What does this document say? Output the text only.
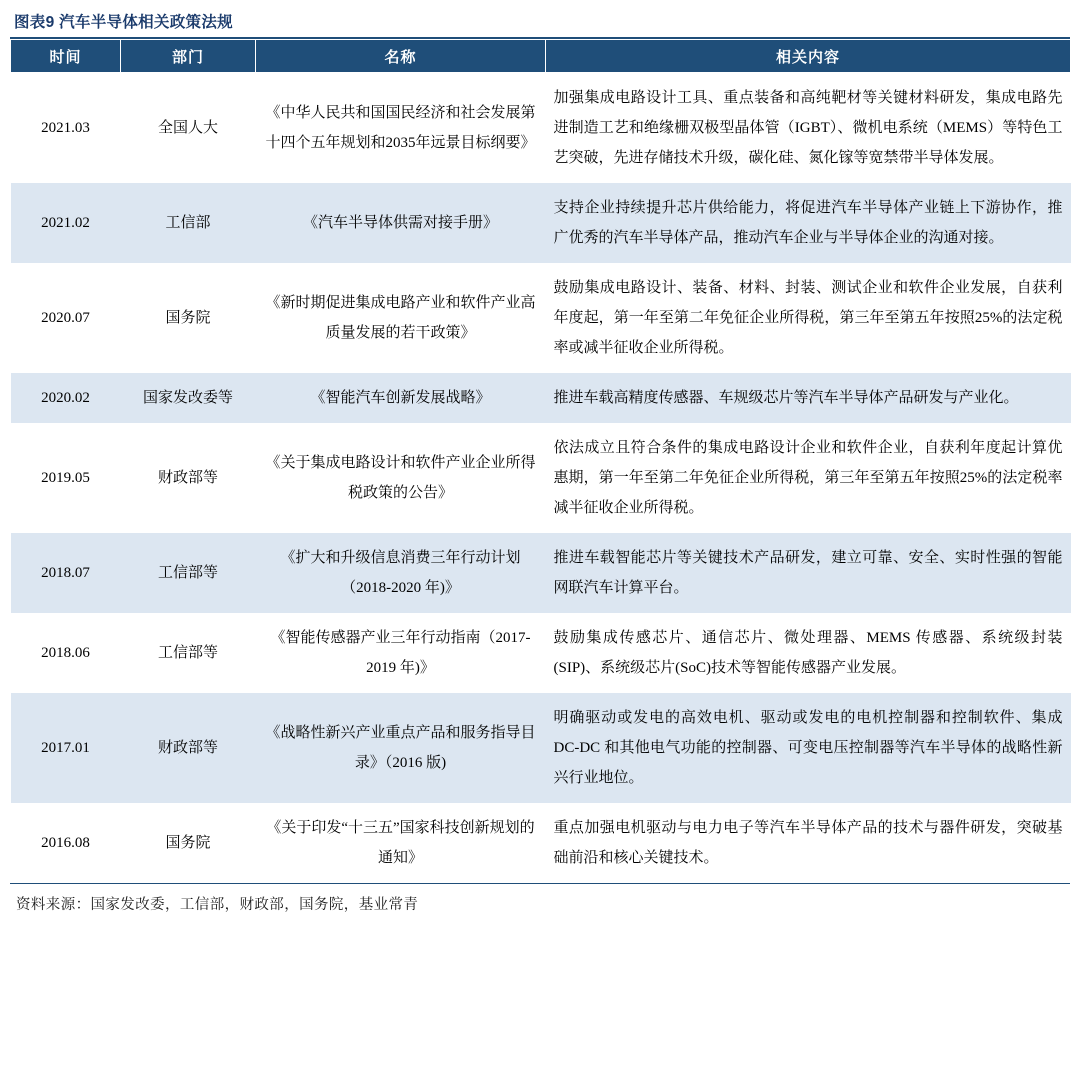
图表9 汽车半导体相关政策法规
时间	部门	名称	相关内容
2021.03	全国人大	《中华人民共和国国民经济和社会发展第十四个五年规划和2035年远景目标纲要》	加强集成电路设计工具、重点装备和高纯靶材等关键材料研发，集成电路先进制造工艺和绝缘栅双极型晶体管（IGBT）、微机电系统（MEMS）等特色工艺突破，先进存储技术升级，碳化硅、氮化镓等宽禁带半导体发展。
2021.02	工信部	《汽车半导体供需对接手册》	支持企业持续提升芯片供给能力，将促进汽车半导体产业链上下游协作，推广优秀的汽车半导体产品，推动汽车企业与半导体企业的沟通对接。
2020.07	国务院	《新时期促进集成电路产业和软件产业高质量发展的若干政策》	鼓励集成电路设计、装备、材料、封装、测试企业和软件企业发展，自获利年度起，第一年至第二年免征企业所得税，第三年至第五年按照25%的法定税率或减半征收企业所得税。
2020.02	国家发改委等	《智能汽车创新发展战略》	推进车载高精度传感器、车规级芯片等汽车半导体产品研发与产业化。
2019.05	财政部等	《关于集成电路设计和软件产业企业所得税政策的公告》	依法成立且符合条件的集成电路设计企业和软件企业，自获利年度起计算优惠期，第一年至第二年免征企业所得税，第三年至第五年按照25%的法定税率减半征收企业所得税。
2018.07	工信部等	《扩大和升级信息消费三年行动计划（2018-2020 年)》	推进车载智能芯片等关键技术产品研发，建立可靠、安全、实时性强的智能网联汽车计算平台。
2018.06	工信部等	《智能传感器产业三年行动指南（2017-2019 年)》	鼓励集成传感芯片、通信芯片、微处理器、MEMS 传感器、系统级封装(SIP)、系统级芯片(SoC)技术等智能传感器产业发展。
2017.01	财政部等	《战略性新兴产业重点产品和服务指导目录》（2016 版)	明确驱动或发电的高效电机、驱动或发电的电机控制器和控制软件、集成 DC-DC 和其他电气功能的控制器、可变电压控制器等汽车半导体的战略性新兴行业地位。
2016.08	国务院	《关于印发“十三五”国家科技创新规划的通知》	重点加强电机驱动与电力电子等汽车半导体产品的技术与器件研发，突破基础前沿和核心关键技术。
资料来源：国家发改委，工信部，财政部，国务院，基业常青
